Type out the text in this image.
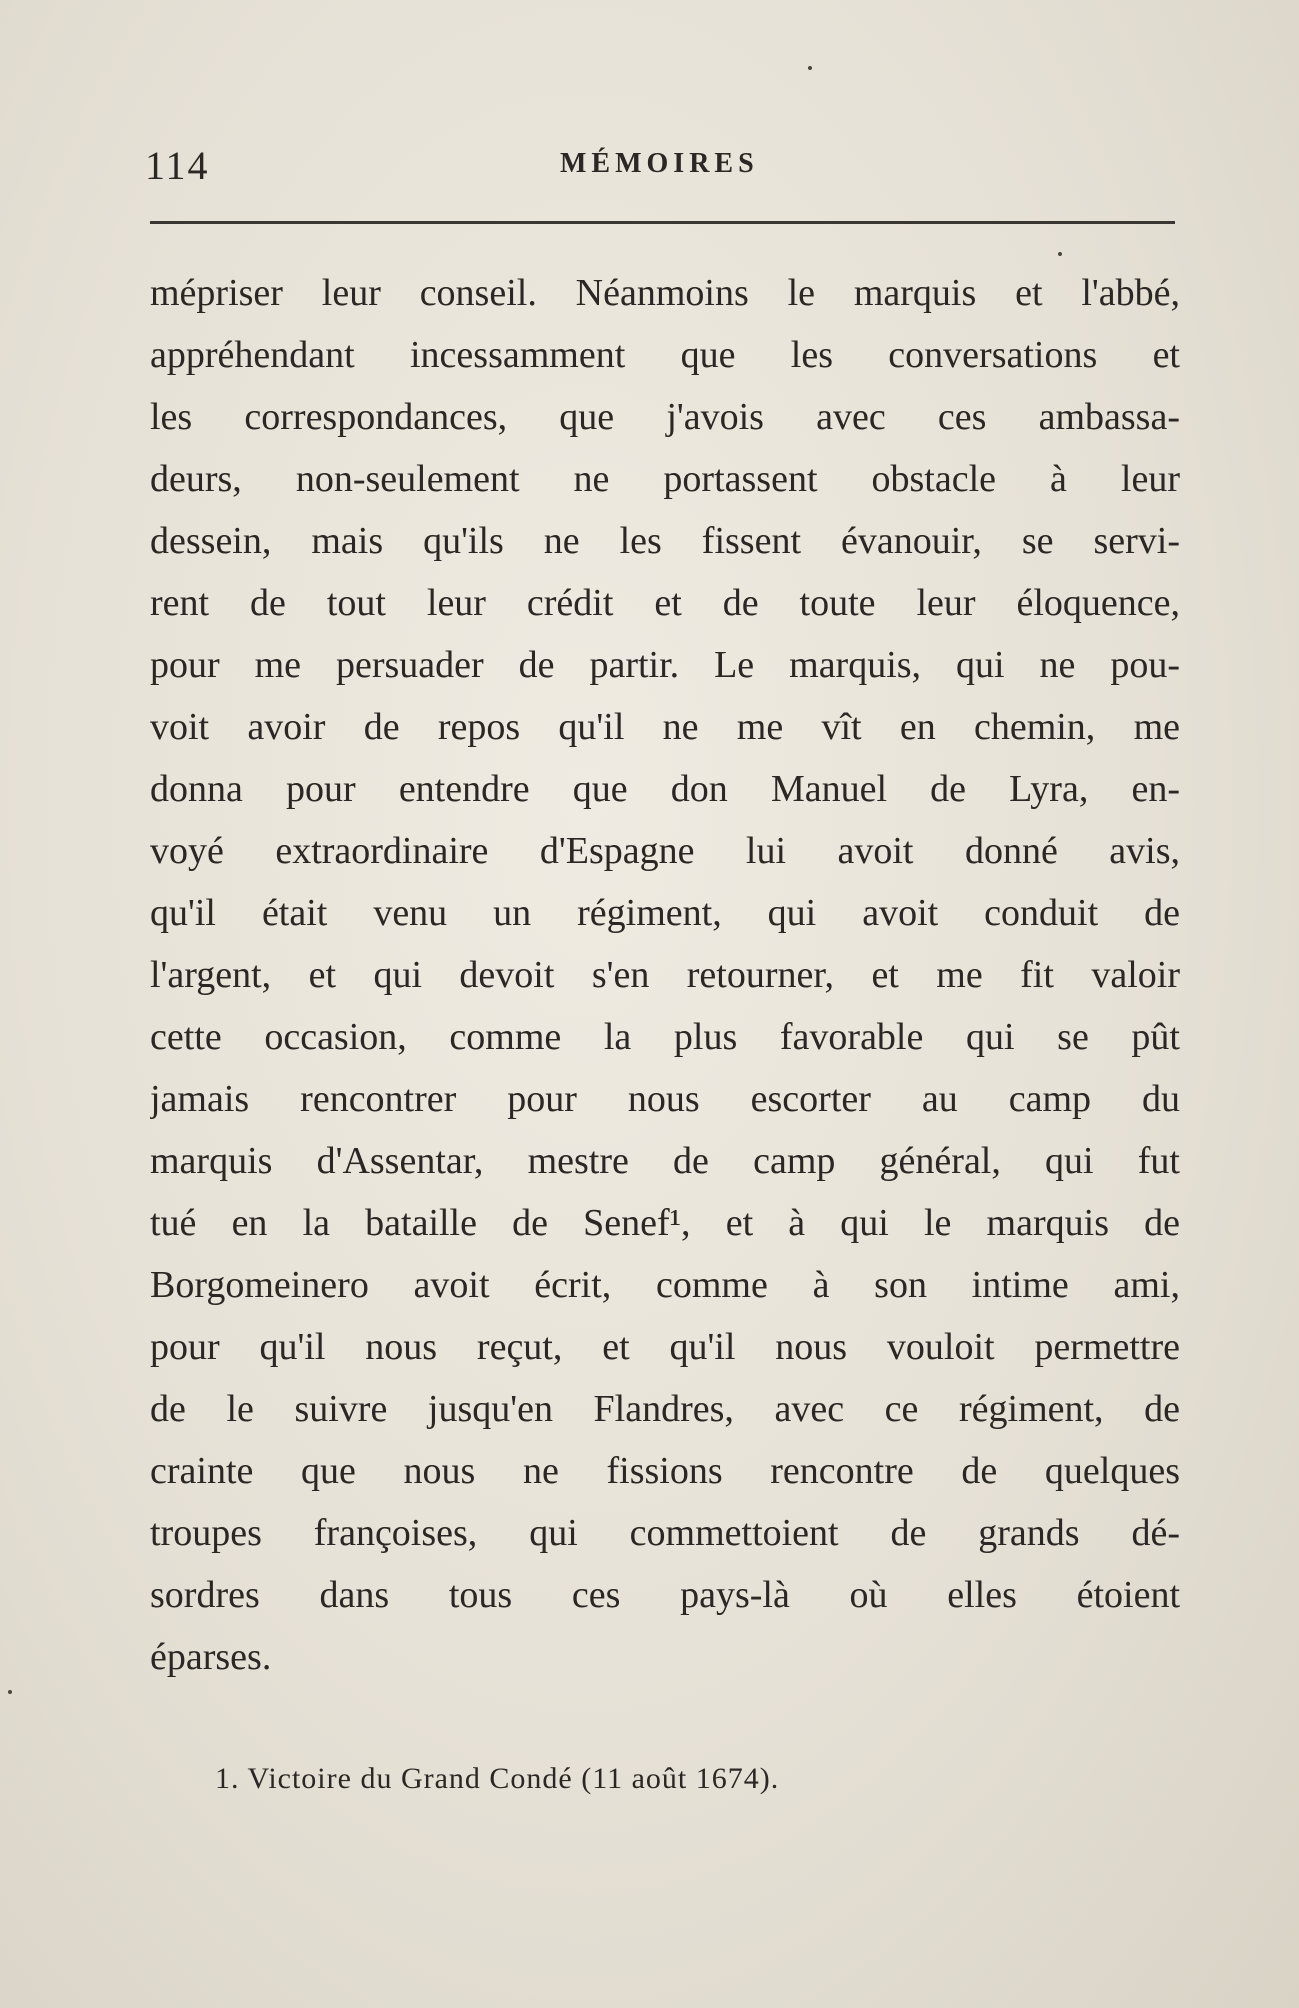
114	MÉMOIRES
mépriser leur conseil. Néanmoins le marquis et l'abbé,
appréhendant incessamment que les conversations et
les correspondances, que j'avois avec ces ambassa-
deurs, non-seulement ne portassent obstacle à leur
dessein, mais qu'ils ne les fissent évanouir, se servi-
rent de tout leur crédit et de toute leur éloquence,
pour me persuader de partir. Le marquis, qui ne pou-
voit avoir de repos qu'il ne me vît en chemin, me
donna pour entendre que don Manuel de Lyra, en-
voyé extraordinaire d'Espagne lui avoit donné avis,
qu'il était venu un régiment, qui avoit conduit de
l'argent, et qui devoit s'en retourner, et me fit valoir
cette occasion, comme la plus favorable qui se pût
jamais rencontrer pour nous escorter au camp du
marquis d'Assentar, mestre de camp général, qui fut
tué en la bataille de Senef¹, et à qui le marquis de
Borgomeinero avoit écrit, comme à son intime ami,
pour qu'il nous reçut, et qu'il nous vouloit permettre
de le suivre jusqu'en Flandres, avec ce régiment, de
crainte que nous ne fissions rencontre de quelques
troupes françoises, qui commettoient de grands dé-
sordres dans tous ces pays-là où elles étoient
éparses.
1. Victoire du Grand Condé (11 août 1674).
